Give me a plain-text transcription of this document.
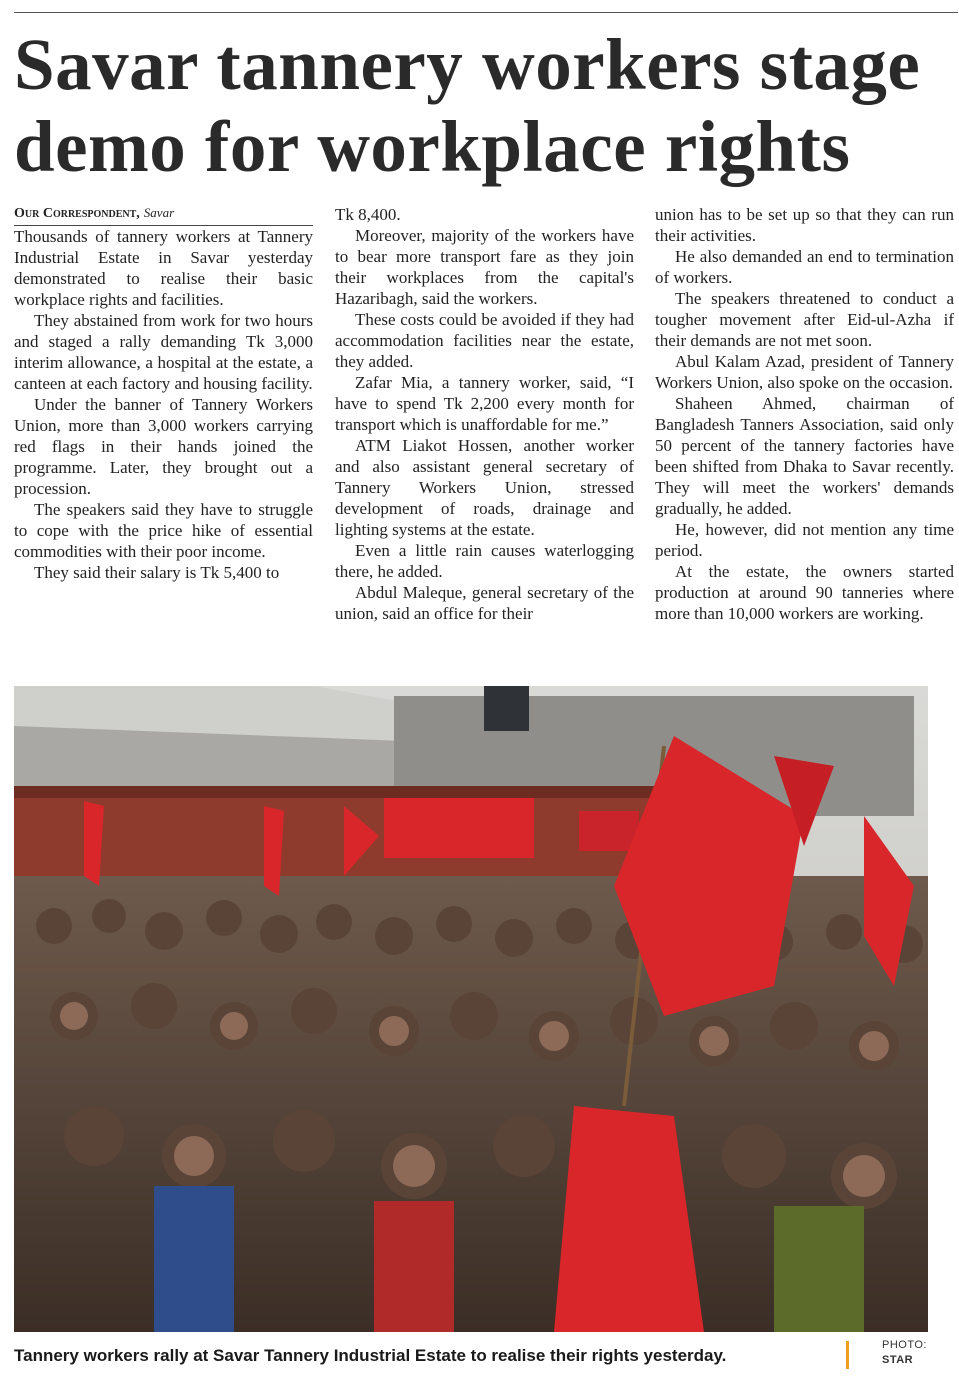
Savar tannery workers stage
demo for workplace rights

Our Correspondent, Savar

Thousands of tannery workers at Tannery Industrial Estate in Savar yesterday demonstrated to realise their basic workplace rights and facilities.

They abstained from work for two hours and staged a rally demanding Tk 3,000 interim allowance, a hospital at the estate, a canteen at each factory and housing facility.

Under the banner of Tannery Workers Union, more than 3,000 workers carrying red flags in their hands joined the programme. Later, they brought out a procession.

The speakers said they have to struggle to cope with the price hike of essential commodities with their poor income.

They said their salary is Tk 5,400 to

Tk 8,400.

Moreover, majority of the workers have to bear more transport fare as they join their workplaces from the capital's Hazaribagh, said the workers.

These costs could be avoided if they had accommodation facilities near the estate, they added.

Zafar Mia, a tannery worker, said, “I have to spend Tk 2,200 every month for transport which is unaffordable for me.”

ATM Liakot Hossen, another worker and also assistant general secretary of Tannery Workers Union, stressed development of roads, drainage and lighting systems at the estate.

Even a little rain causes waterlogging there, he added.

Abdul Maleque, general secretary of the union, said an office for their

union has to be set up so that they can run their activities.

He also demanded an end to termination of workers.

The speakers threatened to conduct a tougher movement after Eid-ul-Azha if their demands are not met soon.

Abul Kalam Azad, president of Tannery Workers Union, also spoke on the occasion.

Shaheen Ahmed, chairman of Bangladesh Tanners Association, said only 50 percent of the tannery factories have been shifted from Dhaka to Savar recently. They will meet the workers' demands gradually, he added.

He, however, did not mention any time period.

At the estate, the owners started production at around 90 tanneries where more than 10,000 workers are working.

Tannery workers rally at Savar Tannery Industrial Estate to realise their rights yesterday.
PHOTO:
STAR
